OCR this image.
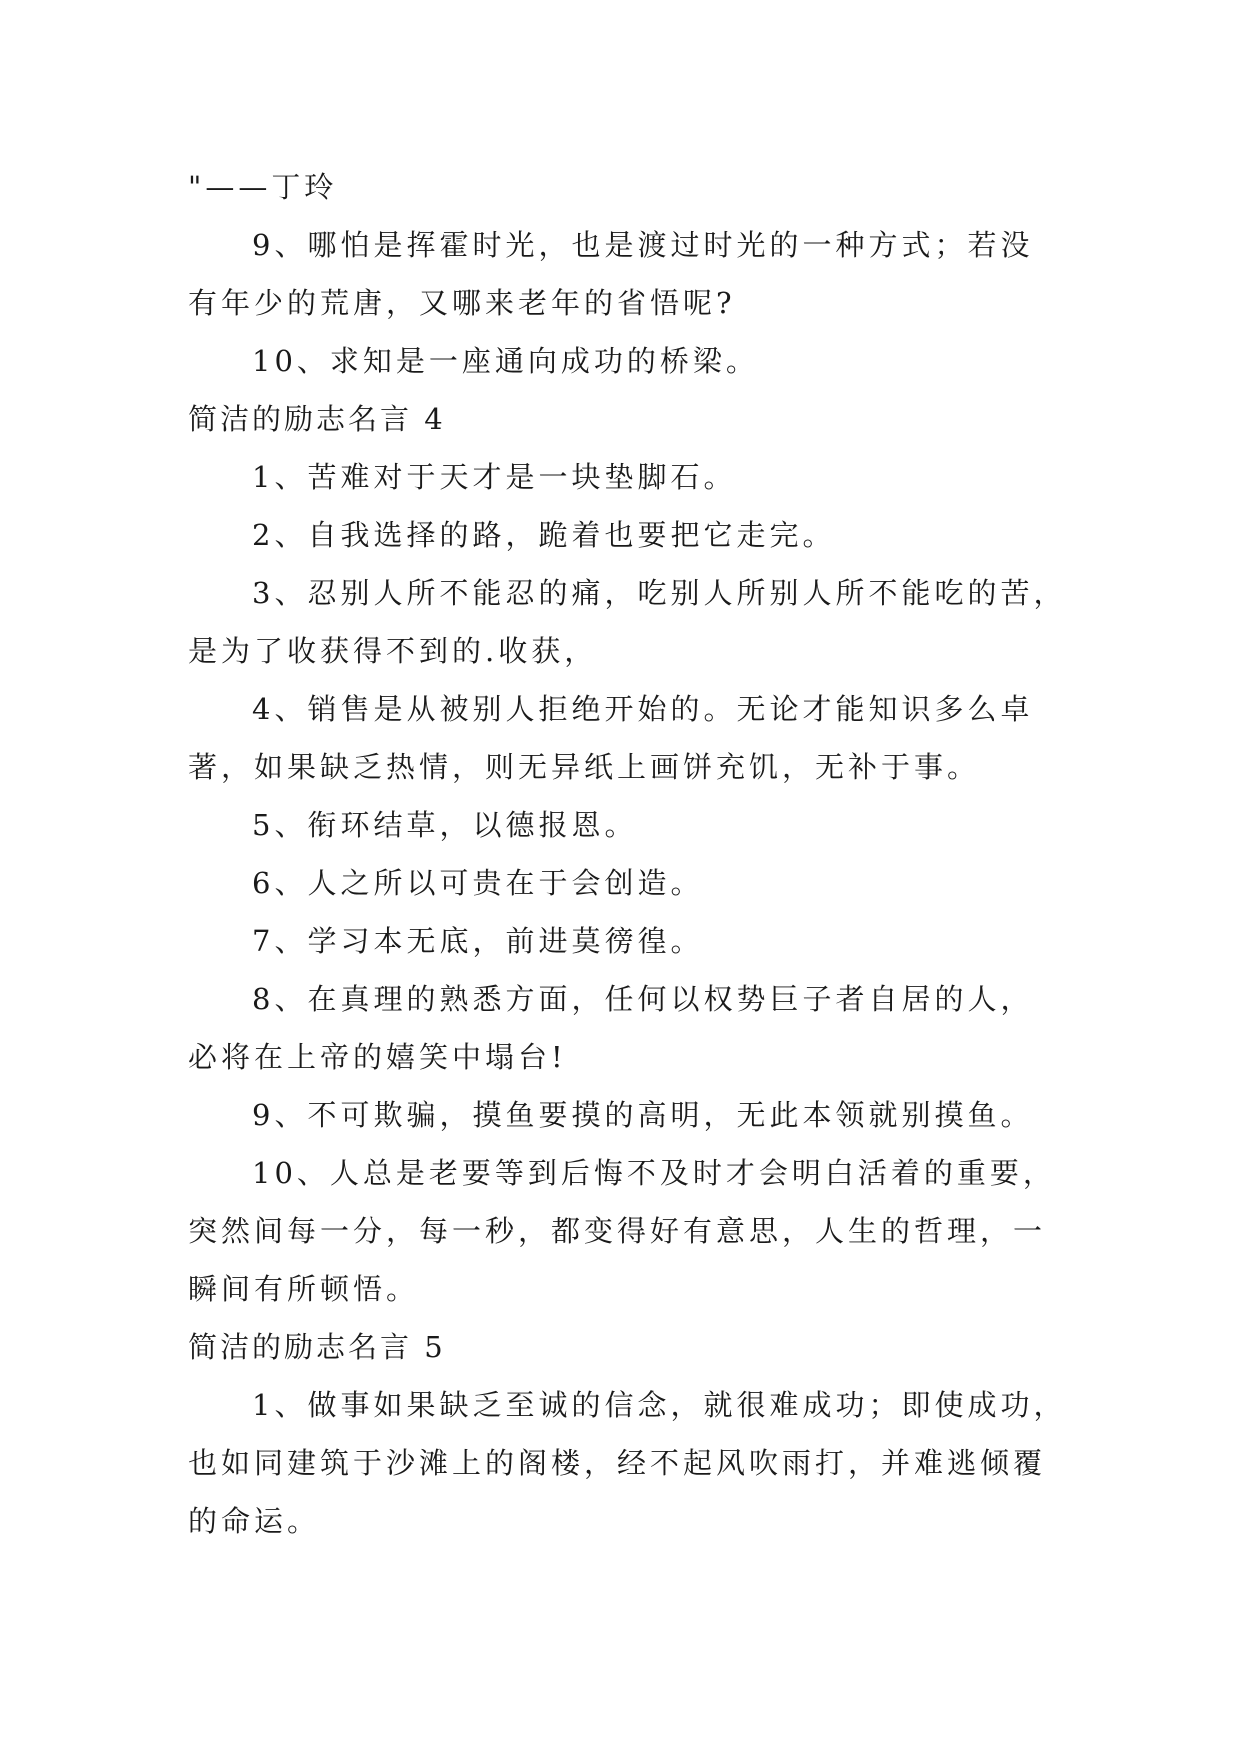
"——丁玲
9、哪怕是挥霍时光，也是渡过时光的一种方式；若没
有年少的荒唐，又哪来老年的省悟呢?
10、求知是一座通向成功的桥梁。
简洁的励志名言 4
1、苦难对于天才是一块垫脚石。
2、自我选择的路，跪着也要把它走完。
3、忍别人所不能忍的痛，吃别人所别人所不能吃的苦，
是为了收获得不到的.收获，
4、销售是从被别人拒绝开始的。无论才能知识多么卓
著，如果缺乏热情，则无异纸上画饼充饥，无补于事。
5、衔环结草，以德报恩。
6、人之所以可贵在于会创造。
7、学习本无底，前进莫徬徨。
8、在真理的熟悉方面，任何以权势巨子者自居的人，
必将在上帝的嬉笑中塌台!
9、不可欺骗，摸鱼要摸的高明，无此本领就别摸鱼。
10、人总是老要等到后悔不及时才会明白活着的重要，
突然间每一分，每一秒，都变得好有意思，人生的哲理，一
瞬间有所顿悟。
简洁的励志名言 5
1、做事如果缺乏至诚的信念，就很难成功；即使成功，
也如同建筑于沙滩上的阁楼，经不起风吹雨打，并难逃倾覆
的命运。
